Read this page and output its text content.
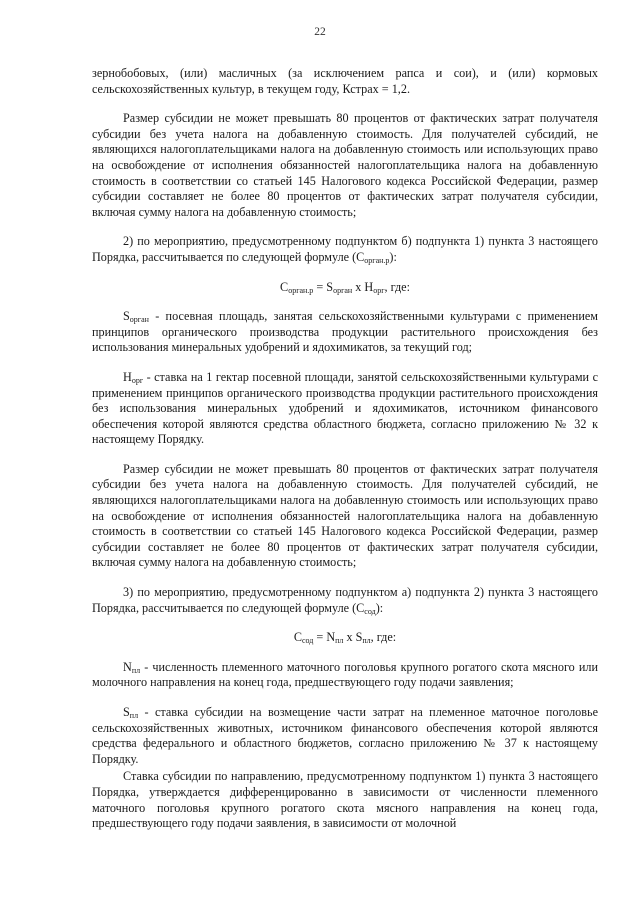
22

зернобобовых, (или) масличных (за исключением рапса и сои), и (или) кормовых сельскохозяйственных культур, в текущем году, Кстрах = 1,2.

Размер субсидии не может превышать 80 процентов от фактических затрат получателя субсидии без учета налога на добавленную стоимость. Для получателей субсидий, не являющихся налогоплательщиками налога на добавленную стоимость или использующих право на освобождение от исполнения обязанностей налогоплательщика налога на добавленную стоимость в соответствии со статьей 145 Налогового кодекса Российской Федерации, размер субсидии составляет не более 80 процентов от фактических затрат получателя субсидии, включая сумму налога на добавленную стоимость;

2) по мероприятию, предусмотренному подпунктом б) подпункта 1) пункта 3 настоящего Порядка, рассчитывается по следующей формуле $(С_{орган.р})$:

$С_{орган.р} = S_{орган}$ х $Н_{орг}$, где:

$S_{орган}$ - посевная площадь, занятая сельскохозяйственными культурами с применением принципов органического производства продукции растительного происхождения без использования минеральных удобрений и ядохимикатов, за текущий год;

$Н_{орг}$ - ставка на 1 гектар посевной площади, занятой сельскохозяйственными культурами с применением принципов органического производства продукции растительного происхождения без использования минеральных удобрений и ядохимикатов, источником финансового обеспечения которой являются средства областного бюджета, согласно приложению № 32 к настоящему Порядку.

Размер субсидии не может превышать 80 процентов от фактических затрат получателя субсидии без учета налога на добавленную стоимость. Для получателей субсидий, не являющихся налогоплательщиками налога на добавленную стоимость или использующих право на освобождение от исполнения обязанностей налогоплательщика налога на добавленную стоимость в соответствии со статьей 145 Налогового кодекса Российской Федерации, размер субсидии составляет не более 80 процентов от фактических затрат получателя субсидии, включая сумму налога на добавленную стоимость;

3) по мероприятию, предусмотренному подпунктом а) подпункта 2) пункта 3 настоящего Порядка, рассчитывается по следующей формуле $(С_{сод})$:

$С_{сод} = N_{пл}$ х $S_{пл}$, где:

$N_{пл}$ - численность племенного маточного поголовья крупного рогатого скота мясного или молочного направления на конец года, предшествующего году подачи заявления;

$S_{пл}$ - ставка субсидии на возмещение части затрат на племенное маточное поголовье сельскохозяйственных животных, источником финансового обеспечения которой являются средства федерального и областного бюджетов, согласно приложению № 37 к настоящему Порядку.

Ставка субсидии по направлению, предусмотренному подпунктом 1) пункта 3 настоящего Порядка, утверждается дифференцированно в зависимости от численности племенного маточного поголовья крупного рогатого скота мясного направления на конец года, предшествующего году подачи заявления, в зависимости от молочной
